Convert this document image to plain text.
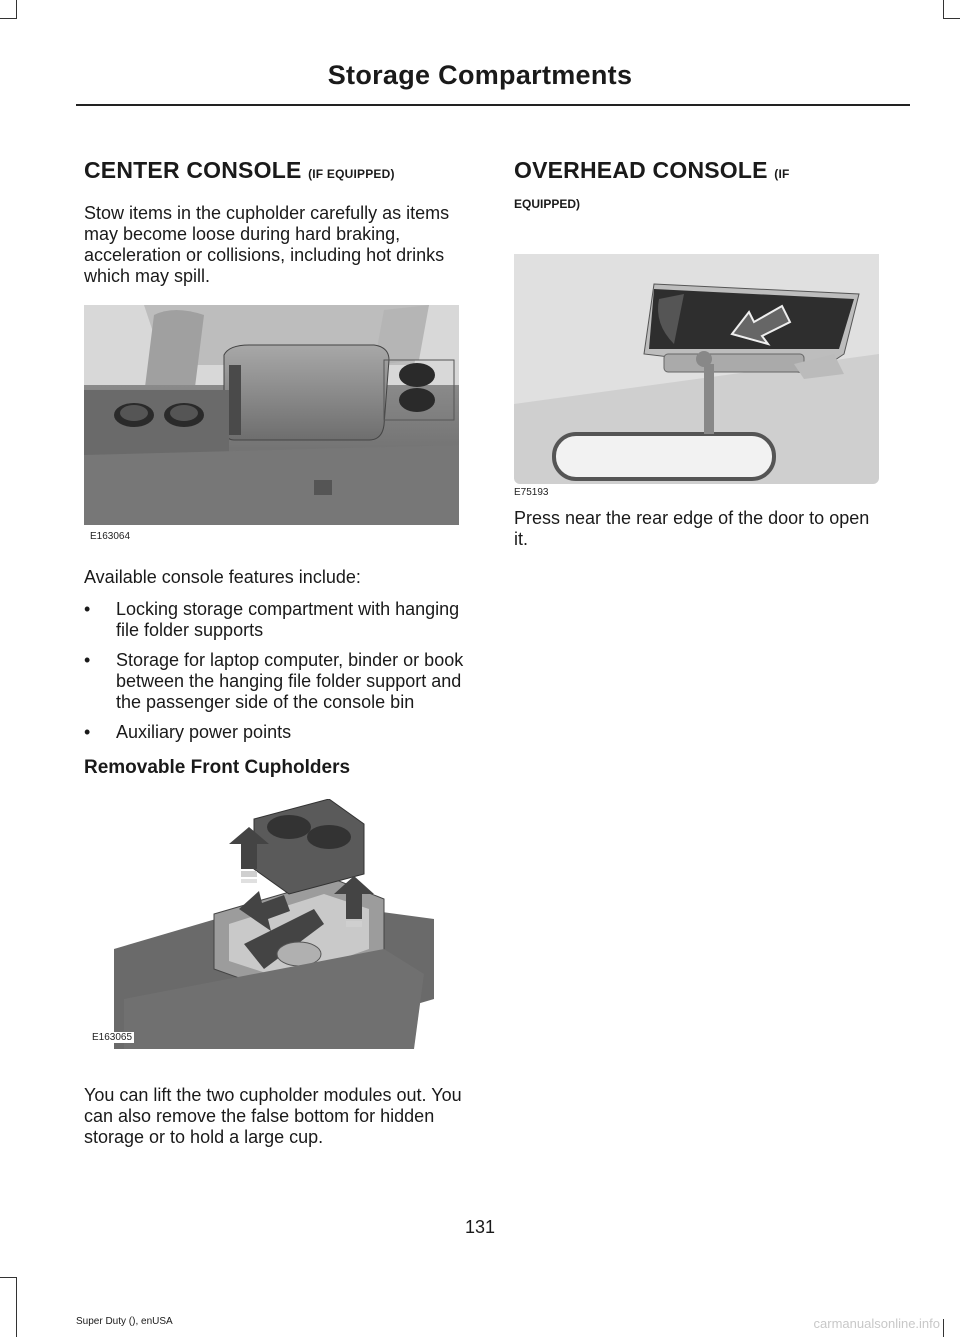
Storage Compartments
CENTER CONSOLE (IF EQUIPPED)

Stow items in the cupholder carefully as items may become loose during hard braking, acceleration or collisions, including hot drinks which may spill.

E163064

Available console features include:

• Locking storage compartment with hanging file folder supports
• Storage for laptop computer, binder or book between the hanging file folder support and the passenger side of the console bin
• Auxiliary power points
Removable Front Cupholders
E163065

You can lift the two cupholder modules out. You can also remove the false bottom for hidden storage or to hold a large cup.

OVERHEAD CONSOLE (IF
EQUIPPED)
E75193

Press near the rear edge of the door to open it.

131
Super Duty (), enUSA	carmanualsonline.info
